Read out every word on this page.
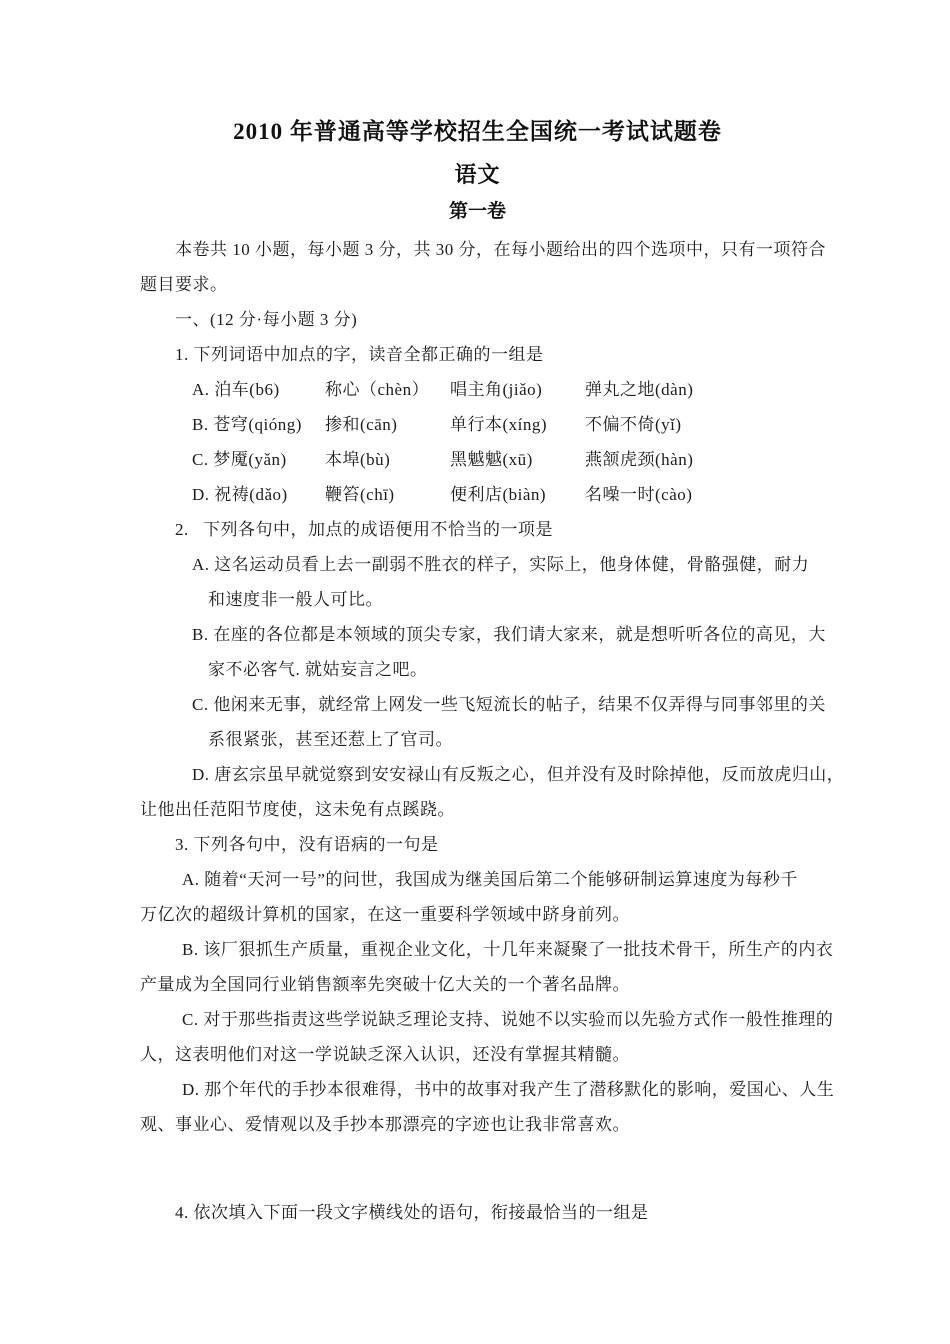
2010 年普通高等学校招生全国统一考试试题卷
语文
第一卷

本卷共 10 小题，每小题 3 分，共 30 分，在每小题给出的四个选项中，只有一项符合

题目要求。

一、(12 分·每小题 3 分)

1. 下列词语中加点的字，读音全都正确的一组是

A. 泊车(b6)	称心（chèn）	唱主角(jiǎo)	弹丸之地(dàn)
B. 苍穹(qióng)	掺和(cān)	单行本(xíng)	不偏不倚(yǐ)
C. 梦魇(yǎn)	本埠(bù)	黑魆魆(xū)	燕颔虎颈(hàn)
D. 祝祷(dǎo)	鞭笞(chī)	便利店(biàn)	名噪一时(cào)

2.   下列各句中，加点的成语便用不恰当的一项是

A. 这名运动员看上去一副弱不胜衣的样子，实际上，他身体健，骨骼强健，耐力

和速度非一般人可比。

B. 在座的各位都是本领域的顶尖专家，我们请大家来，就是想听听各位的高见，大

家不必客气. 就姑妄言之吧。

C. 他闲来无事，就经常上网发一些飞短流长的帖子，结果不仅弄得与同事邻里的关

系很紧张，甚至还惹上了官司。

D. 唐玄宗虽早就觉察到安安禄山有反叛之心，但并没有及时除掉他，反而放虎归山，

让他出任范阳节度使，这未免有点蹊跷。

3. 下列各句中，没有语病的一句是

A. 随着“天河一号”的问世，我国成为继美国后第二个能够研制运算速度为每秒千

万亿次的超级计算机的国家，在这一重要科学领域中跻身前列。

B. 该厂狠抓生产质量，重视企业文化，十几年来凝聚了一批技术骨干，所生产的内衣

产量成为全国同行业销售额率先突破十亿大关的一个著名品牌。

C. 对于那些指责这些学说缺乏理论支持、说她不以实验而以先验方式作一般性推理的

人，这表明他们对这一学说缺乏深入认识，还没有掌握其精髓。

D. 那个年代的手抄本很难得，书中的故事对我产生了潜移默化的影响，爱国心、人生

观、事业心、爱情观以及手抄本那漂亮的字迹也让我非常喜欢。

4. 依次填入下面一段文字横线处的语句，衔接最恰当的一组是
